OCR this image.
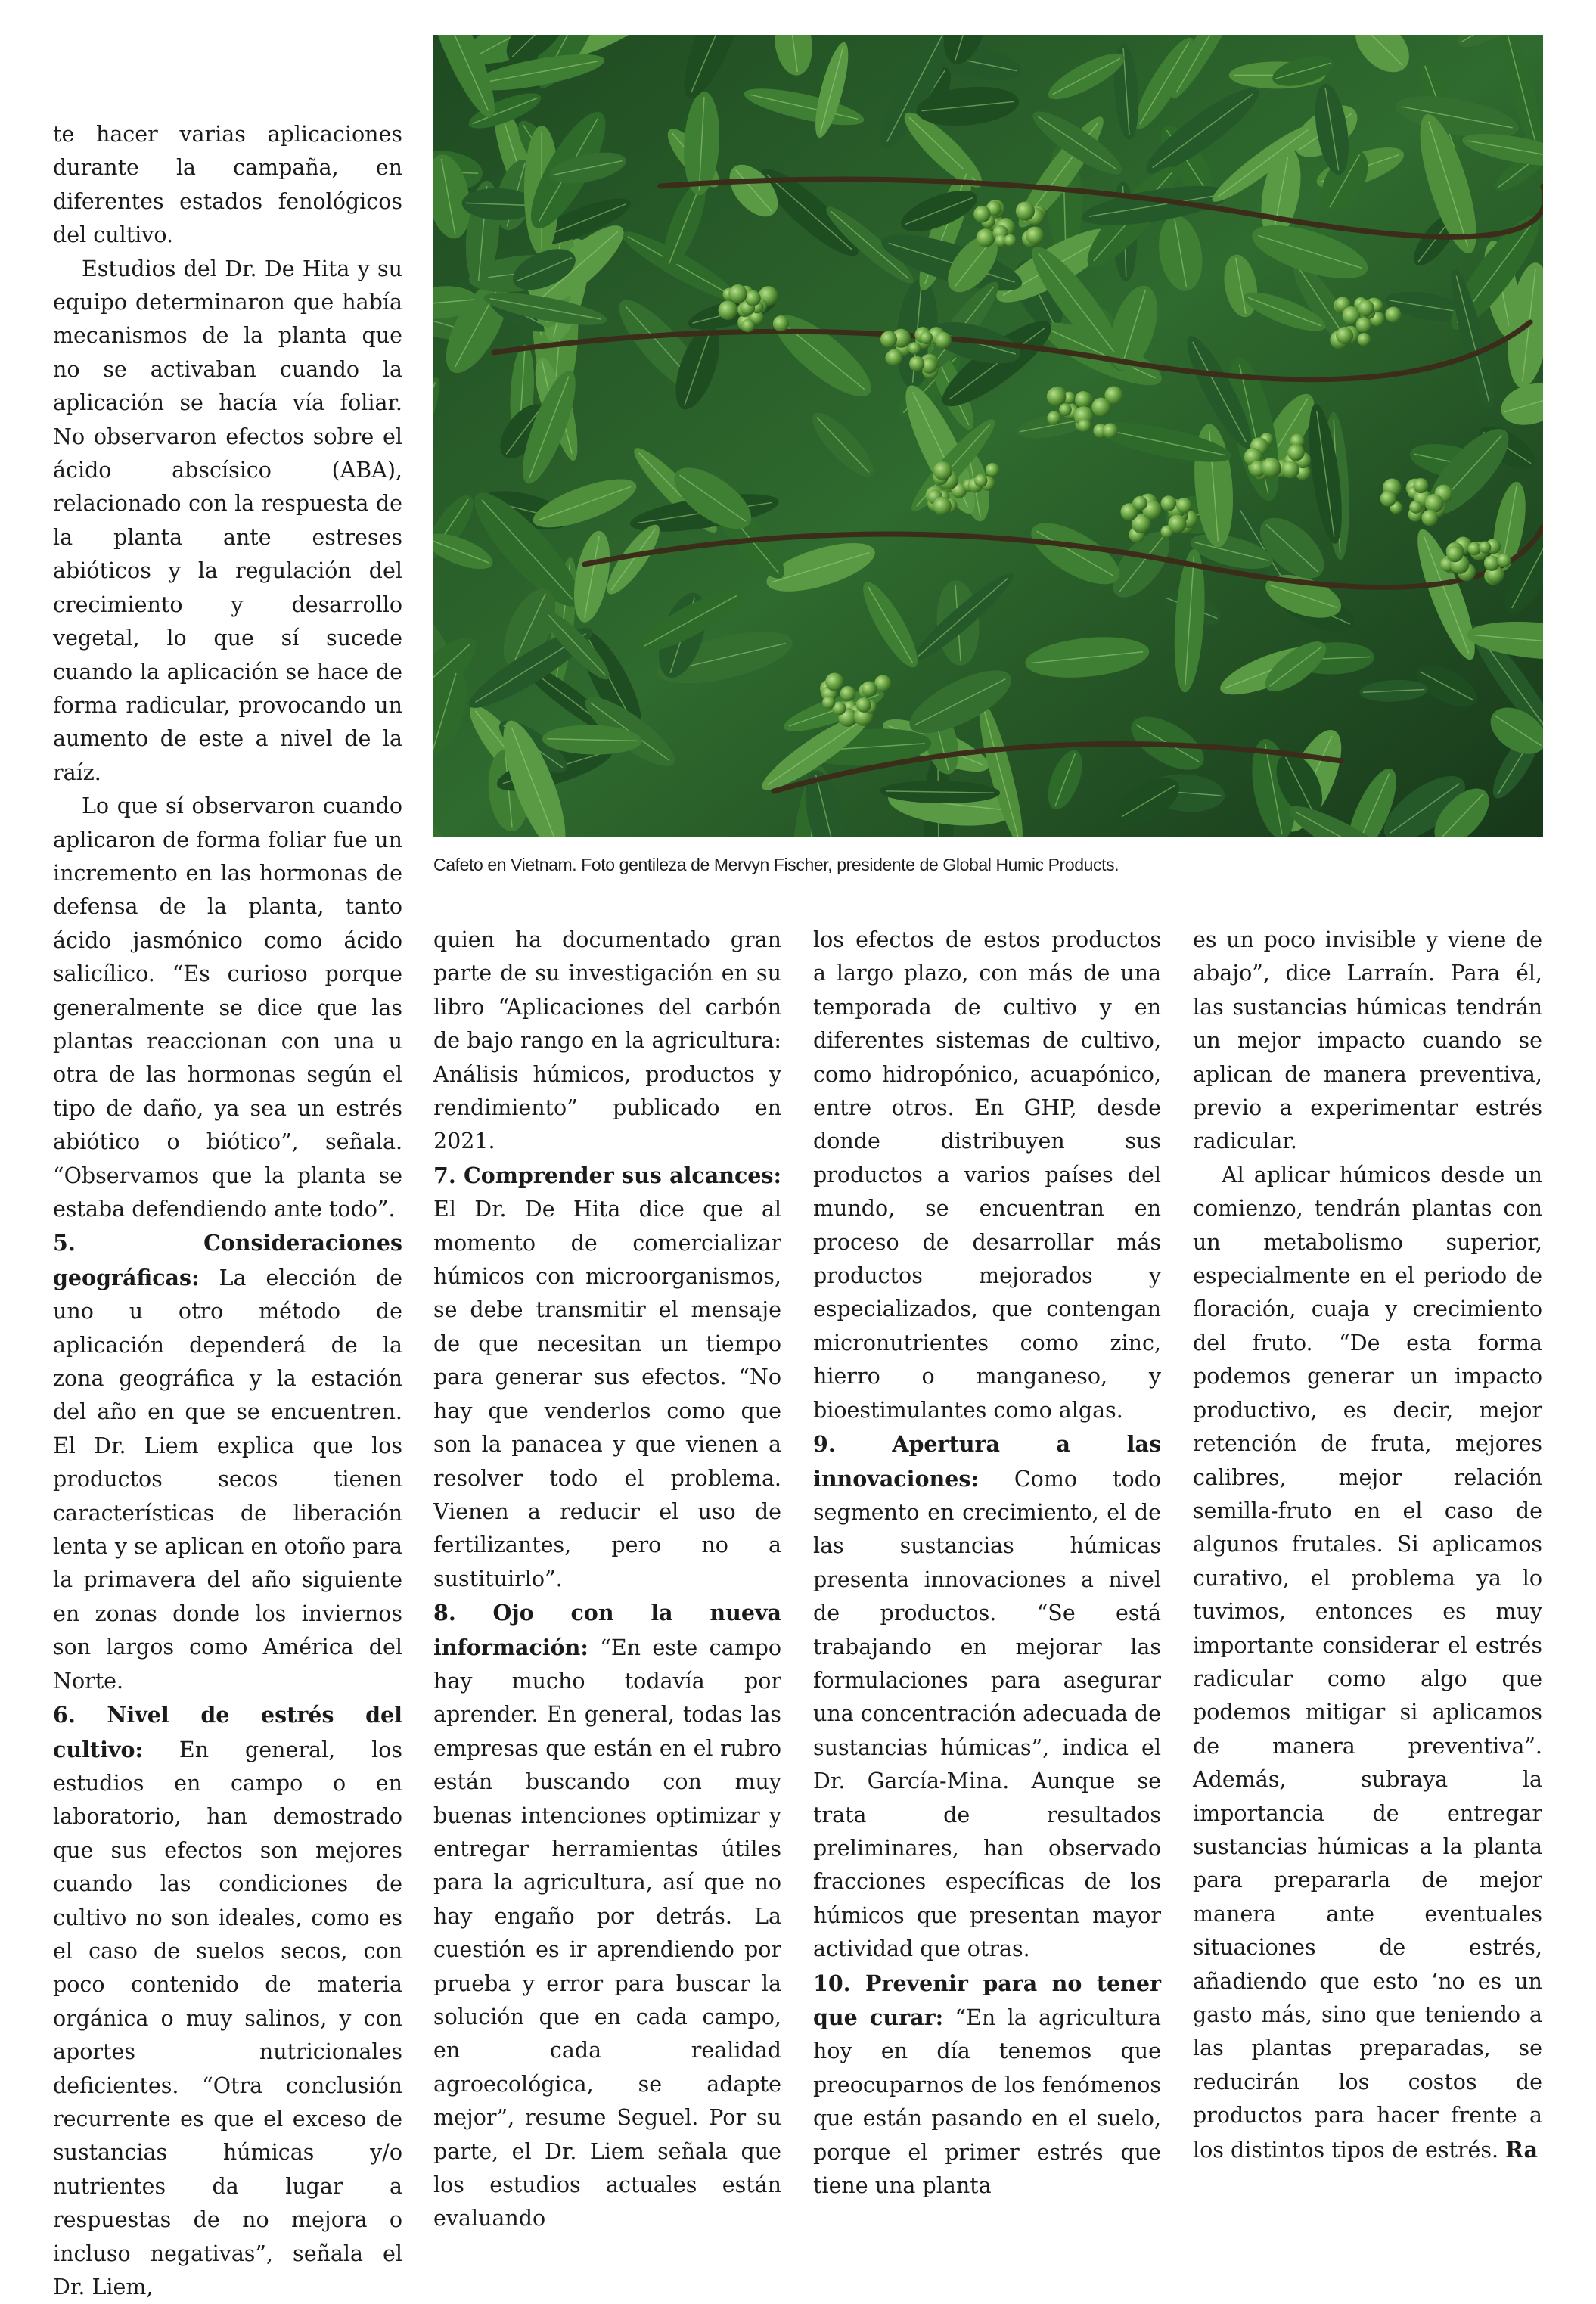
te hacer varias aplicaciones durante la campaña, en diferentes estados fenológicos del cultivo.

Estudios del Dr. De Hita y su equipo determinaron que había mecanismos de la planta que no se activaban cuando la aplicación se hacía vía foliar. No observaron efectos sobre el ácido abscísico (ABA), relacionado con la respuesta de la planta ante estreses abióticos y la regulación del crecimiento y desarrollo vegetal, lo que sí sucede cuando la aplicación se hace de forma radicular, provocando un aumento de este a nivel de la raíz.

Lo que sí observaron cuando aplicaron de forma foliar fue un incremento en las hormonas de defensa de la planta, tanto ácido jasmónico como ácido salicílico. “Es curioso porque generalmente se dice que las plantas reaccionan con una u otra de las hormonas según el tipo de daño, ya sea un estrés abiótico o biótico”, señala. “Observamos que la planta se estaba defendiendo ante todo”.

5. Consideraciones geográficas: La elección de uno u otro método de aplicación dependerá de la zona geográfica y la estación del año en que se encuentren. El Dr. Liem explica que los productos secos tienen características de liberación lenta y se aplican en otoño para la primavera del año siguiente en zonas donde los inviernos son largos como América del Norte.

6. Nivel de estrés del cultivo: En general, los estudios en campo o en laboratorio, han demostrado que sus efectos son mejores cuando las condiciones de cultivo no son ideales, como es el caso de suelos secos, con poco contenido de materia orgánica o muy salinos, y con aportes nutricionales deficientes. “Otra conclusión recurrente es que el exceso de sustancias húmicas y/o nutrientes da lugar a respuestas de no mejora o incluso negativas”, señala el Dr. Liem,

Cafeto en Vietnam. Foto gentileza de Mervyn Fischer, presidente de Global Humic Products.

quien ha documentado gran parte de su investigación en su libro “Aplicaciones del carbón de bajo rango en la agricultura: Análisis húmicos, productos y rendimiento” publicado en 2021.

7. Comprender sus alcances: El Dr. De Hita dice que al momento de comercializar húmicos con microorganismos, se debe transmitir el mensaje de que necesitan un tiempo para generar sus efectos. “No hay que venderlos como que son la panacea y que vienen a resolver todo el problema. Vienen a reducir el uso de fertilizantes, pero no a sustituirlo”.

8. Ojo con la nueva información: “En este campo hay mucho todavía por aprender. En general, todas las empresas que están en el rubro están buscando con muy buenas intenciones optimizar y entregar herramientas útiles para la agricultura, así que no hay engaño por detrás. La cuestión es ir aprendiendo por prueba y error para buscar la solución que en cada campo, en cada realidad agroecológica, se adapte mejor”, resume Seguel. Por su parte, el Dr. Liem señala que los estudios actuales están evaluando

los efectos de estos productos a largo plazo, con más de una temporada de cultivo y en diferentes sistemas de cultivo, como hidropónico, acuapónico, entre otros. En GHP, desde donde distribuyen sus productos a varios países del mundo, se encuentran en proceso de desarrollar más productos mejorados y especializados, que contengan micronutrientes como zinc, hierro o manganeso, y bioestimulantes como algas.

9. Apertura a las innovaciones: Como todo segmento en crecimiento, el de las sustancias húmicas presenta innovaciones a nivel de productos. “Se está trabajando en mejorar las formulaciones para asegurar una concentración adecuada de sustancias húmicas”, indica el Dr. García-Mina. Aunque se trata de resultados preliminares, han observado fracciones específicas de los húmicos que presentan mayor actividad que otras.

10. Prevenir para no tener que curar: “En la agricultura hoy en día tenemos que preocuparnos de los fenómenos que están pasando en el suelo, porque el primer estrés que tiene una planta

es un poco invisible y viene de abajo”, dice Larraín. Para él, las sustancias húmicas tendrán un mejor impacto cuando se aplican de manera preventiva, previo a experimentar estrés radicular.

Al aplicar húmicos desde un comienzo, tendrán plantas con un metabolismo superior, especialmente en el periodo de floración, cuaja y crecimiento del fruto. “De esta forma podemos generar un impacto productivo, es decir, mejor retención de fruta, mejores calibres, mejor relación semilla-fruto en el caso de algunos frutales. Si aplicamos curativo, el problema ya lo tuvimos, entonces es muy importante considerar el estrés radicular como algo que podemos mitigar si aplicamos de manera preventiva”. Además, subraya la importancia de entregar sustancias húmicas a la planta para prepararla de mejor manera ante eventuales situaciones de estrés, añadiendo que esto ‘no es un gasto más, sino que teniendo a las plantas preparadas, se reducirán los costos de productos para hacer frente a los distintos tipos de estrés. Ra
